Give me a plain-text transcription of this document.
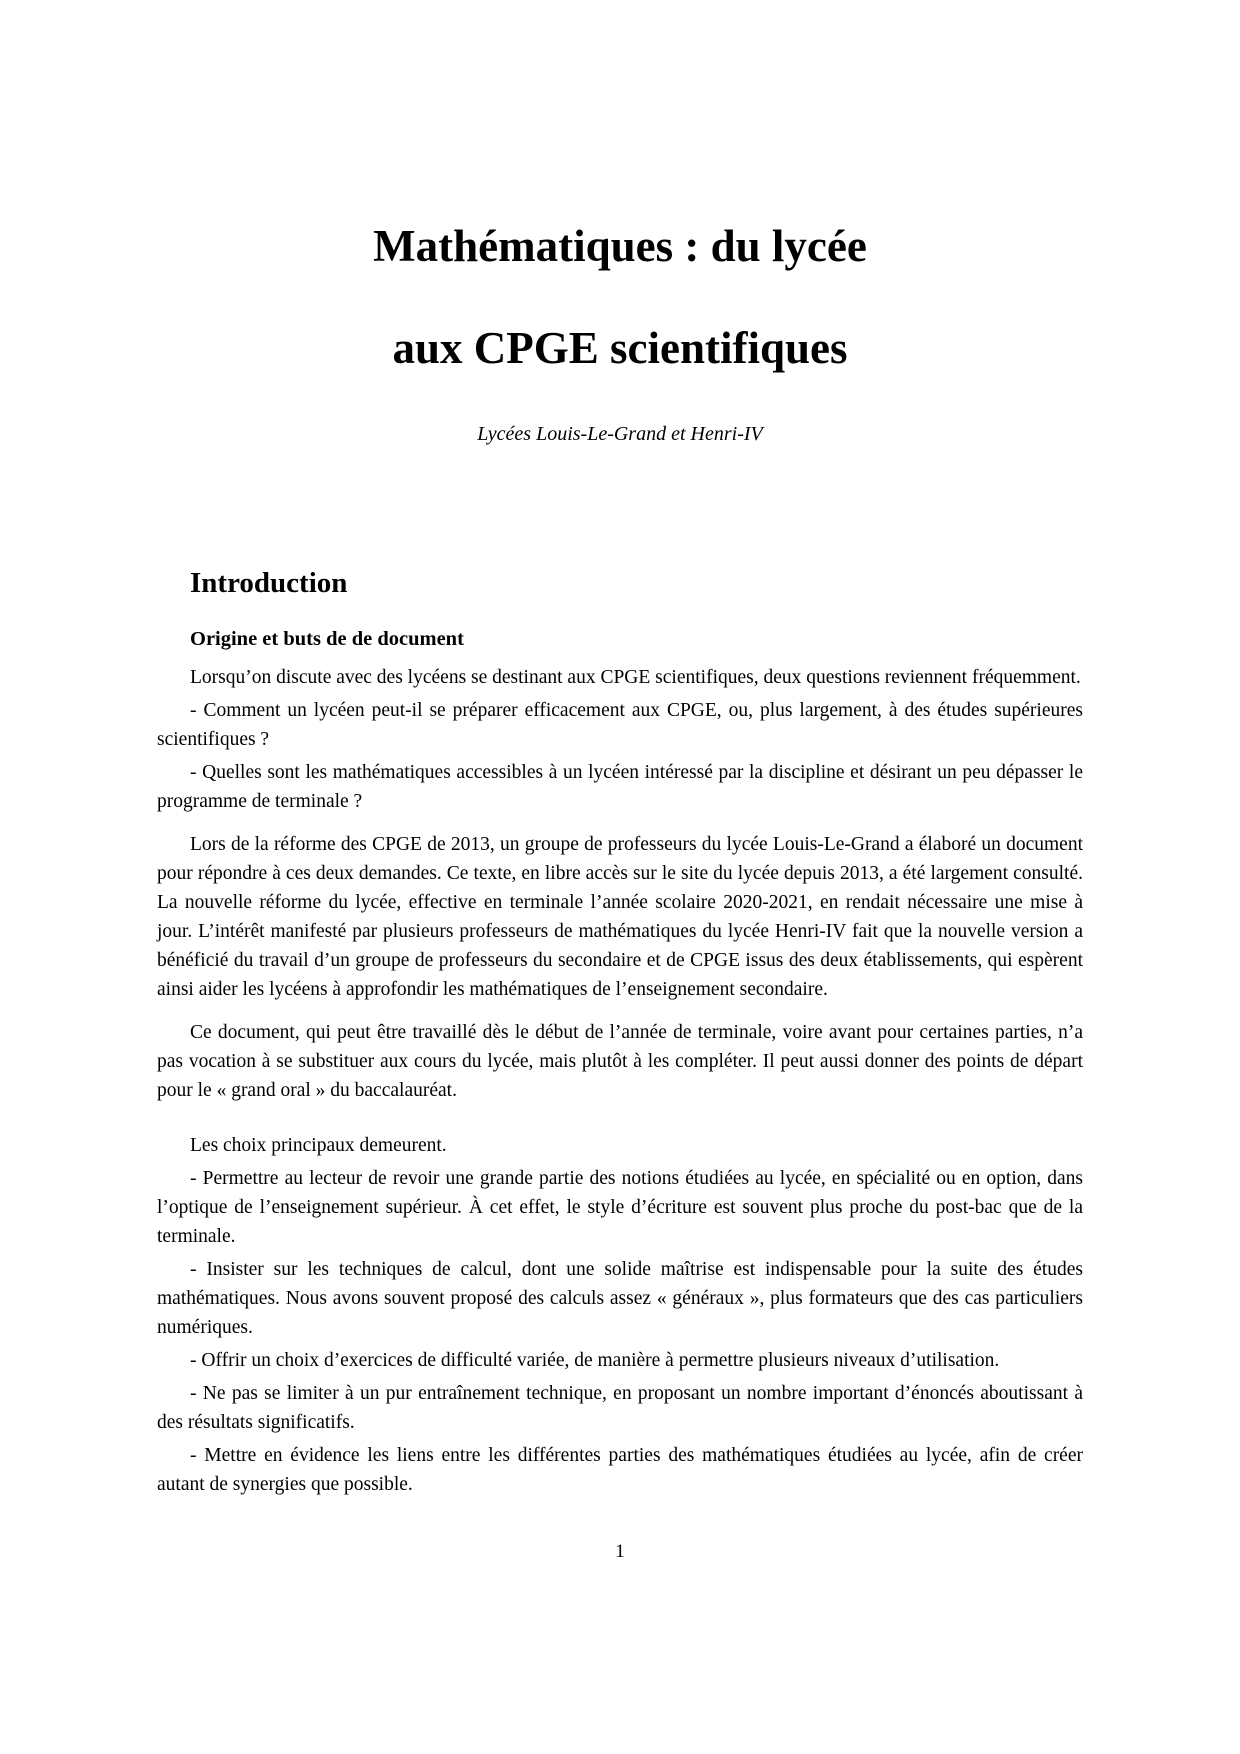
Mathématiques : du lycée
aux CPGE scientifiques
Lycées Louis-Le-Grand et Henri-IV
Introduction
Origine et buts de de document

Lorsqu’on discute avec des lycéens se destinant aux CPGE scientifiques, deux questions reviennent fréquemment.

- Comment un lycéen peut-il se préparer efficacement aux CPGE, ou, plus largement, à des études supérieures scientifiques ?

- Quelles sont les mathématiques accessibles à un lycéen intéressé par la discipline et désirant un peu dépasser le programme de terminale ?

Lors de la réforme des CPGE de 2013, un groupe de professeurs du lycée Louis-Le-Grand a élaboré un document pour répondre à ces deux demandes. Ce texte, en libre accès sur le site du lycée depuis 2013, a été largement consulté. La nouvelle réforme du lycée, effective en terminale l’année scolaire 2020-2021, en rendait nécessaire une mise à jour. L’intérêt manifesté par plusieurs professeurs de mathématiques du lycée Henri-IV fait que la nouvelle version a bénéficié du travail d’un groupe de professeurs du secondaire et de CPGE issus des deux établissements, qui espèrent ainsi aider les lycéens à approfondir les mathématiques de l’enseignement secondaire.

Ce document, qui peut être travaillé dès le début de l’année de terminale, voire avant pour certaines parties, n’a pas vocation à se substituer aux cours du lycée, mais plutôt à les compléter. Il peut aussi donner des points de départ pour le « grand oral » du baccalauréat.

Les choix principaux demeurent.

- Permettre au lecteur de revoir une grande partie des notions étudiées au lycée, en spécialité ou en option, dans l’optique de l’enseignement supérieur. À cet effet, le style d’écriture est souvent plus proche du post-bac que de la terminale.

- Insister sur les techniques de calcul, dont une solide maîtrise est indispensable pour la suite des études mathématiques. Nous avons souvent proposé des calculs assez « généraux », plus formateurs que des cas particuliers numériques.

- Offrir un choix d’exercices de difficulté variée, de manière à permettre plusieurs niveaux d’utilisation.

- Ne pas se limiter à un pur entraînement technique, en proposant un nombre important d’énoncés aboutissant à des résultats significatifs.

- Mettre en évidence les liens entre les différentes parties des mathématiques étudiées au lycée, afin de créer autant de synergies que possible.

1
